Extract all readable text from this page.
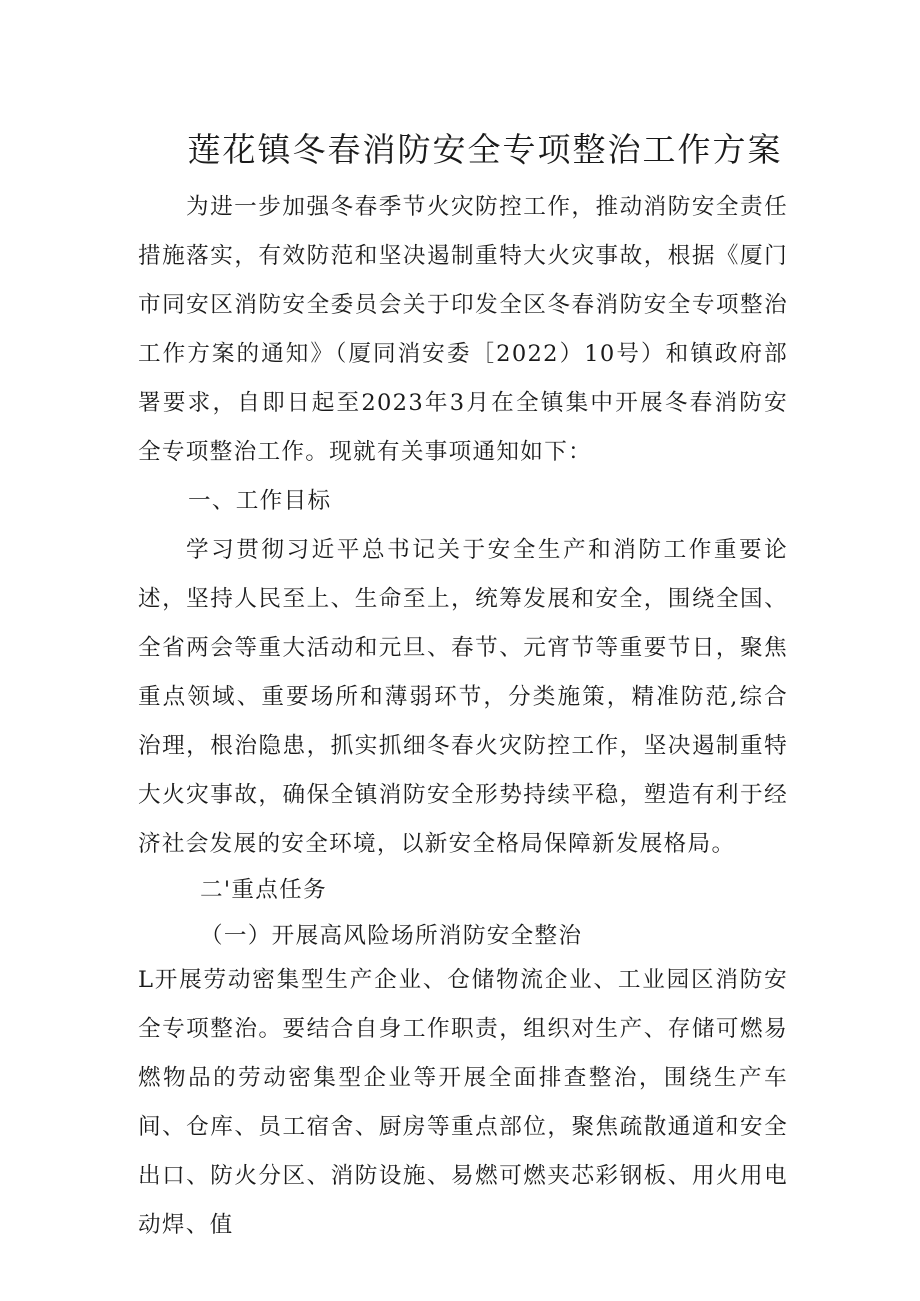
莲花镇冬春消防安全专项整治工作方案
为进一步加强冬春季节火灾防控工作，推动消防安全责任措施落实，有效防范和坚决遏制重特大火灾事故，根据《厦门市同安区消防安全委员会关于印发全区冬春消防安全专项整治工作方案的通知》（厦同消安委［2022）10号）和镇政府部署要求，自即日起至2023年3月在全镇集中开展冬春消防安全专项整治工作。现就有关事项通知如下：
一、工作目标
学习贯彻习近平总书记关于安全生产和消防工作重要论述，坚持人民至上、生命至上，统筹发展和安全，围绕全国、全省两会等重大活动和元旦、春节、元宵节等重要节日，聚焦重点领域、重要场所和薄弱环节，分类施策，精准防范,综合治理，根治隐患，抓实抓细冬春火灾防控工作，坚决遏制重特大火灾事故，确保全镇消防安全形势持续平稳，塑造有利于经济社会发展的安全环境，以新安全格局保障新发展格局。
二'重点任务
（一）开展高风险场所消防安全整治
L开展劳动密集型生产企业、仓储物流企业、工业园区消防安全专项整治。要结合自身工作职责，组织对生产、存储可燃易燃物品的劳动密集型企业等开展全面排查整治，围绕生产车间、仓库、员工宿舍、厨房等重点部位，聚焦疏散通道和安全出口、防火分区、消防设施、易燃可燃夹芯彩钢板、用火用电动焊、值
